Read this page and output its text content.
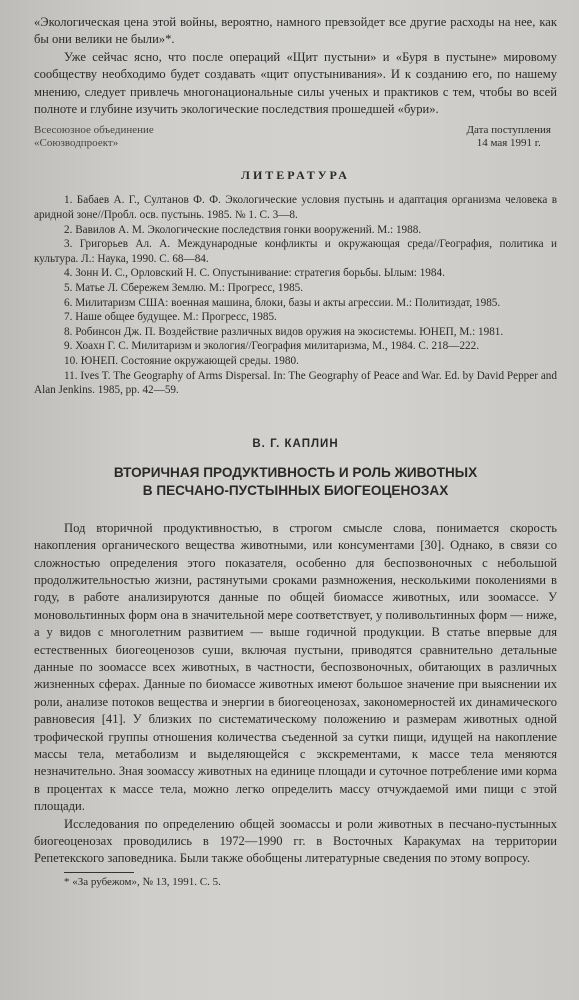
«Экологическая цена этой войны, вероятно, намного превзойдет все другие расходы на нее, как бы они велики не были»*.

Уже сейчас ясно, что после операций «Щит пустыни» и «Буря в пустыне» мировому сообществу необходимо будет создавать «щит опустынивания». И к созданию его, по нашему мнению, следует привлечь многонациональные силы ученых и практиков с тем, чтобы во всей полноте и глубине изучить экологические последствия прошедшей «бури».

Всесоюзное объединение
«Союзводпроект»
Дата поступления
14 мая 1991 г.
ЛИТЕРАТУРА
1. Бабаев А. Г., Султанов Ф. Ф. Экологические условия пустынь и адаптация организма человека в аридной зоне//Пробл. осв. пустынь. 1985. № 1. С. 3—8.
2. Вавилов А. М. Экологические последствия гонки вооружений. М.: 1988.
3. Григорьев Ал. А. Международные конфликты и окружающая среда//География, политика и культура. Л.: Наука, 1990. С. 68—84.
4. Зонн И. С., Орловский Н. С. Опустынивание: стратегия борьбы. Ылым: 1984.
5. Матье Л. Сбережем Землю. М.: Прогресс, 1985.
6. Милитаризм США: военная машина, блоки, базы и акты агрессии. М.: Политиздат, 1985.
7. Наше общее будущее. М.: Прогресс, 1985.
8. Робинсон Дж. П. Воздействие различных видов оружия на экосистемы. ЮНЕП, М.: 1981.
9. Хоахн Г. С. Милитаризм и экология//География милитаризма, М., 1984. С. 218—222.
10. ЮНЕП. Состояние окружающей среды. 1980.
11. Ives T. The Geography of Arms Dispersal. In: The Geography of Peace and War. Ed. by David Pepper and Alan Jenkins. 1985, pp. 42—59.
В. Г. КАПЛИН
ВТОРИЧНАЯ ПРОДУКТИВНОСТЬ И РОЛЬ ЖИВОТНЫХ
В ПЕСЧАНО-ПУСТЫННЫХ БИОГЕОЦЕНОЗАХ

Под вторичной продуктивностью, в строгом смысле слова, понимается скорость накопления органического вещества животными, или консументами [30]. Однако, в связи со сложностью определения этого показателя, особенно для беспозвоночных с небольшой продолжительностью жизни, растянутыми сроками размножения, несколькими поколениями в году, в работе анализируются данные по общей биомассе животных, или зоомассе. У моновольтинных форм она в значительной мере соответствует, у поливольтинных форм — ниже, а у видов с многолетним развитием — выше годичной продукции. В статье впервые для естественных биогеоценозов суши, включая пустыни, приводятся сравнительно детальные данные по зоомассе всех животных, в частности, беспозвоночных, обитающих в различных жизненных сферах. Данные по биомассе животных имеют большое значение при выяснении их роли, анализе потоков вещества и энергии в биогеоценозах, закономерностей их динамического равновесия [41]. У близких по систематическому положению и размерам животных одной трофической группы отношения количества съеденной за сутки пищи, идущей на накопление массы тела, метаболизм и выделяющейся с экскрементами, к массе тела меняются незначительно. Зная зоомассу животных на единице площади и суточное потребление ими корма в процентах к массе тела, можно легко определить массу отчуждаемой ими пищи с этой площади.

Исследования по определению общей зоомассы и роли животных в песчано-пустынных биогеоценозах проводились в 1972—1990 гг. в Восточных Каракумах на территории Репетекского заповедника. Были также обобщены литературные сведения по этому вопросу.

* «За рубежом», № 13, 1991. С. 5.
